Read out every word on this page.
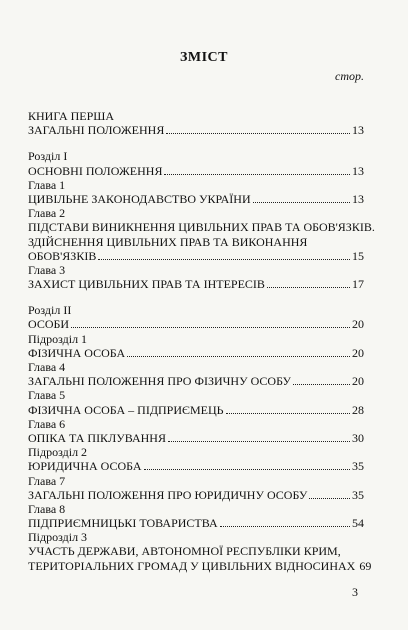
ЗМІСТ
стор.
КНИГА ПЕРША
ЗАГАЛЬНІ ПОЛОЖЕННЯ	13
Розділ I
ОСНОВНІ ПОЛОЖЕННЯ	13
Глава 1
ЦИВІЛЬНЕ ЗАКОНОДАВСТВО УКРАЇНИ	13
Глава 2
ПІДСТАВИ ВИНИКНЕННЯ ЦИВІЛЬНИХ ПРАВ ТА ОБОВ'ЯЗКІВ.
ЗДІЙСНЕННЯ ЦИВІЛЬНИХ ПРАВ ТА ВИКОНАННЯ
ОБОВ'ЯЗКІВ	15
Глава 3
ЗАХИСТ ЦИВІЛЬНИХ ПРАВ ТА ІНТЕРЕСІВ	17
Розділ II
ОСОБИ	20
Підрозділ 1
ФІЗИЧНА ОСОБА	20
Глава 4
ЗАГАЛЬНІ ПОЛОЖЕННЯ ПРО ФІЗИЧНУ ОСОБУ	20
Глава 5
ФІЗИЧНА ОСОБА – ПІДПРИЄМЕЦЬ	28
Глава 6
ОПІКА ТА ПІКЛУВАННЯ	30
Підрозділ 2
ЮРИДИЧНА ОСОБА	35
Глава 7
ЗАГАЛЬНІ ПОЛОЖЕННЯ ПРО ЮРИДИЧНУ ОСОБУ	35
Глава 8
ПІДПРИЄМНИЦЬКІ ТОВАРИСТВА	54
Підрозділ 3
УЧАСТЬ ДЕРЖАВИ, АВТОНОМНОЇ РЕСПУБЛІКИ КРИМ,
ТЕРИТОРІАЛЬНИХ ГРОМАД У ЦИВІЛЬНИХ ВІДНОСИНАХ 69
3
